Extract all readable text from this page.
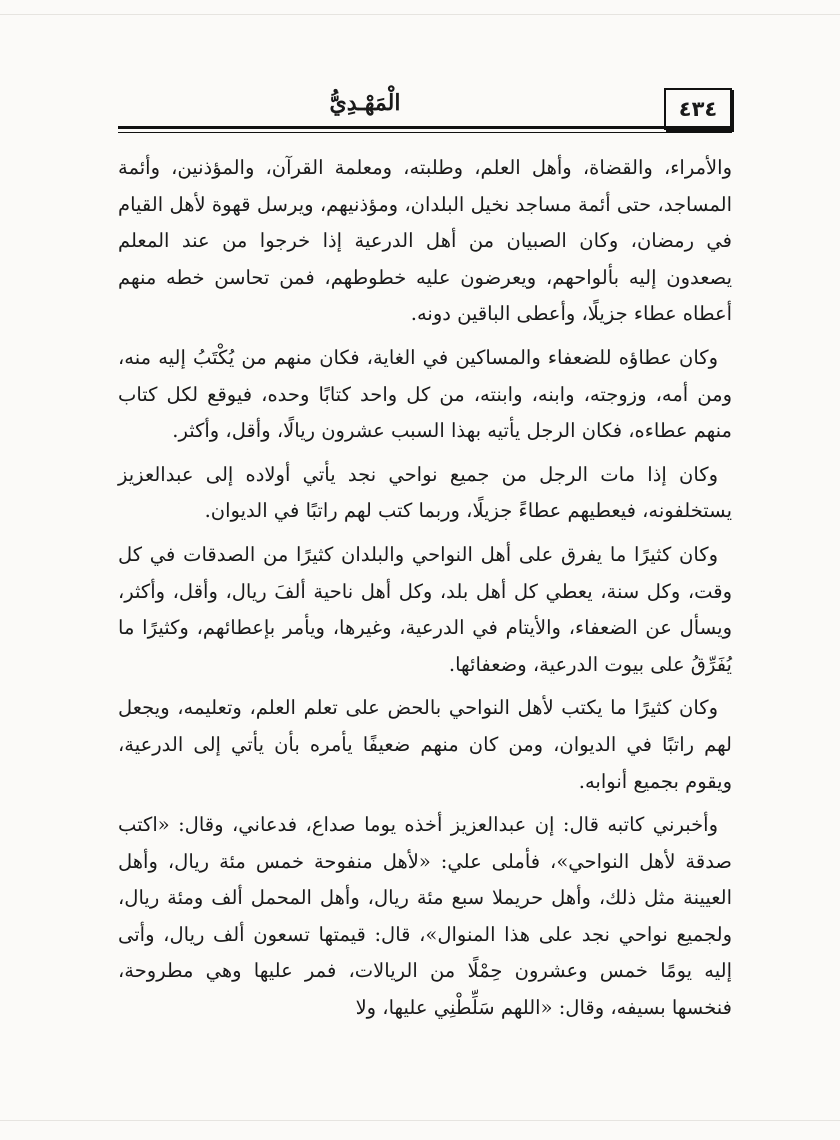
الْمَهْـدِيُّ	٤٣٤

والأمراء، والقضاة، وأهل العلم، وطلبته، ومعلمة القرآن، والمؤذنين، وأئمة المساجد، حتى أئمة مساجد نخيل البلدان، ومؤذنيهم، ويرسل قهوة لأهل القيام في رمضان، وكان الصبيان من أهل الدرعية إذا خرجوا من عند المعلم يصعدون إليه بألواحهم، ويعرضون عليه خطوطهم، فمن تحاسن خطه منهم أعطاه عطاء جزيلًا، وأعطى الباقين دونه.

وكان عطاؤه للضعفاء والمساكين في الغاية، فكان منهم من يُكْتَبُ إليه منه، ومن أمه، وزوجته، وابنه، وابنته، من كل واحد كتابًا وحده، فيوقع لكل كتاب منهم عطاءه، فكان الرجل يأتيه بهذا السبب عشرون ريالًا، وأقل، وأكثر.

وكان إذا مات الرجل من جميع نواحي نجد يأتي أولاده إلى عبدالعزيز يستخلفونه، فيعطيهم عطاءً جزيلًا، وربما كتب لهم راتبًا في الديوان.

وكان كثيرًا ما يفرق على أهل النواحي والبلدان كثيرًا من الصدقات في كل وقت، وكل سنة، يعطي كل أهل بلد، وكل أهل ناحية ألفَ ريال، وأقل، وأكثر، ويسأل عن الضعفاء، والأيتام في الدرعية، وغيرها، ويأمر بإعطائهم، وكثيرًا ما يُفَرِّقُ على بيوت الدرعية، وضعفائها.

وكان كثيرًا ما يكتب لأهل النواحي بالحض على تعلم العلم، وتعليمه، ويجعل لهم راتبًا في الديوان، ومن كان منهم ضعيفًا يأمره بأن يأتي إلى الدرعية، ويقوم بجميع أنوابه.

وأخبرني كاتبه قال: إن عبدالعزيز أخذه يوما صداع، فدعاني، وقال: «اكتب صدقة لأهل النواحي»، فأملى علي: «لأهل منفوحة خمس مئة ريال، وأهل العيينة مثل ذلك، وأهل حريملا سبع مئة ريال، وأهل المحمل ألف ومئة ريال، ولجميع نواحي نجد على هذا المنوال»، قال: قيمتها تسعون ألف ريال، وأتى إليه يومًا خمس وعشرون حِمْلًا من الريالات، فمر عليها وهي مطروحة، فنخسها بسيفه، وقال: «اللهم سَلِّطْنِي عليها، ولا
